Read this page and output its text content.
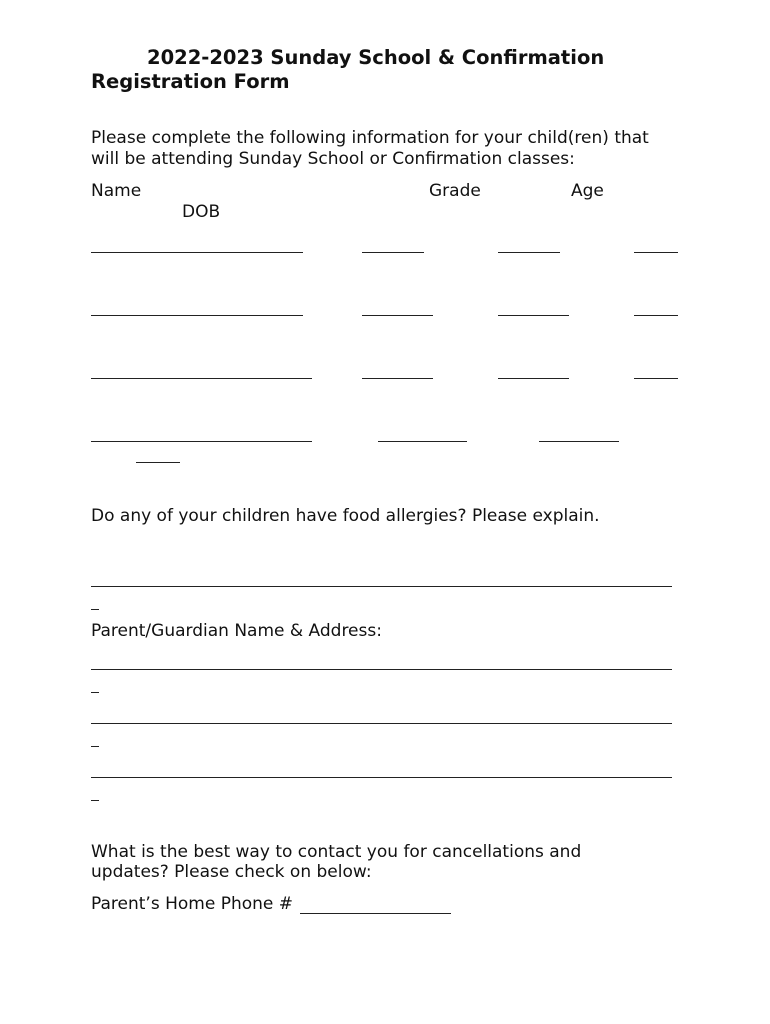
2022-2023 Sunday School & Confirmation
Registration Form

Please complete the following information for your child(ren) that

will be attending Sunday School or Confirmation classes:

Name	Grade	Age

DOB

Do any of your children have food allergies? Please explain.

Parent/Guardian Name & Address:

What is the best way to contact you for cancellations and

updates? Please check on below:

Parent’s Home Phone #
